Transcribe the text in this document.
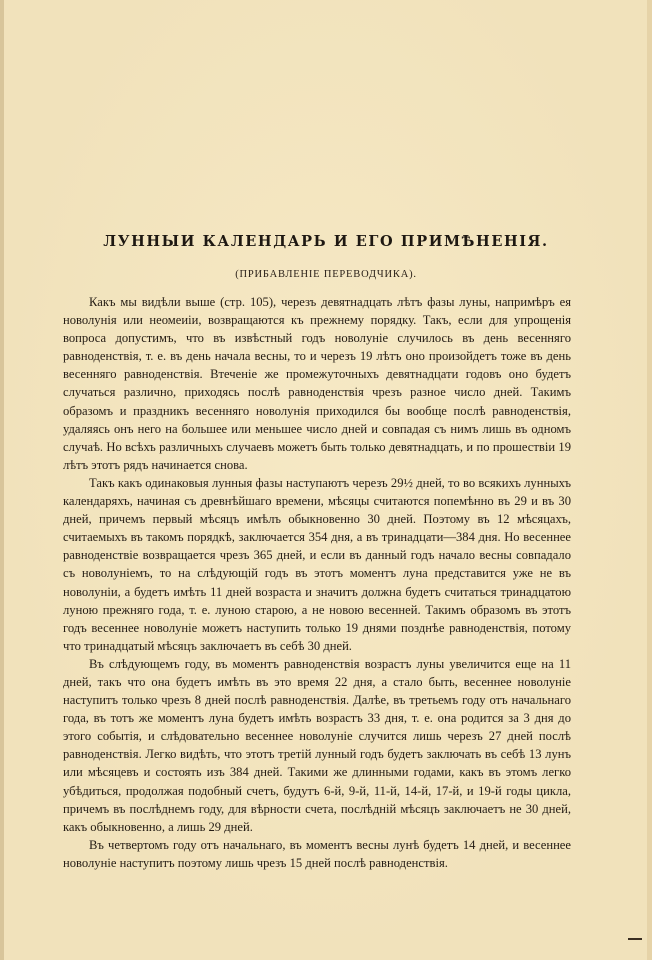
ЛУННЫИ КАЛЕНДАРЬ И ЕГО ПРИМѢНЕНІЯ.
(ПРИБАВЛЕНІЕ ПЕРЕВОДЧИКА).

Какъ мы видѣли выше (стр. 105), черезъ девятнадцать лѣтъ фазы луны, напримѣръ ея новолунія или неомеиіи, возвращаются къ прежнему порядку. Такъ, если для упрощенія вопроса допустимъ, что въ извѣстный годъ новолуніе случилось въ день весенняго равноденствія, т. е. въ день начала весны, то и черезъ 19 лѣтъ оно произойдетъ тоже въ день весенняго равноденствія. Втеченіе же промежуточныхъ девятнадцати годовъ оно будетъ случаться различно, приходясь послѣ равноденствія чрезъ разное число дней. Такимъ образомъ и праздникъ весенняго новолунія приходился бы вообще послѣ равноденствія, удаляясь онъ него на большее или меньшее число дней и совпадая съ нимъ лишь въ одномъ случаѣ. Но всѣхъ различныхъ случаевъ можетъ быть только девятнадцать, и по прошествіи 19 лѣтъ этотъ рядъ начинается снова.

Такъ какъ одинаковыя лунныя фазы наступаютъ черезъ 29½ дней, то во всякихъ лунныхъ календаряхъ, начиная съ древнѣйшаго времени, мѣсяцы считаются попемѣнно въ 29 и въ 30 дней, причемъ первый мѣсяцъ имѣлъ обыкновенно 30 дней. Поэтому въ 12 мѣсяцахъ, считаемыхъ въ такомъ порядкѣ, заключается 354 дня, а въ тринадцати—384 дня. Но весеннее равноденствіе возвращается чрезъ 365 дней, и если въ данный годъ начало весны совпадало съ новолуніемъ, то на слѣдующій годъ въ этотъ моментъ луна представится уже не въ новолуніи, а будетъ имѣть 11 дней возраста и значитъ должна будетъ считаться тринадцатою луною прежняго года, т. е. луною старою, а не новою весенней. Такимъ образомъ въ этотъ годъ весеннее новолуніе можетъ наступить только 19 днями позднѣе равноденствія, потому что тринадцатый мѣсяцъ заключаетъ въ себѣ 30 дней.

Въ слѣдующемъ году, въ моментъ равноденствія возрастъ луны увеличится еще на 11 дней, такъ что она будетъ имѣть въ это время 22 дня, а стало быть, весеннее новолуніе наступитъ только чрезъ 8 дней послѣ равноденствія. Далѣе, въ третьемъ году отъ начальнаго года, въ тотъ же моментъ луна будетъ имѣть возрастъ 33 дня, т. е. она родится за 3 дня до этого событія, и слѣдовательно весеннее новолуніе случится лишь черезъ 27 дней послѣ равноденствія. Легко видѣть, что этотъ третій лунный годъ будетъ заключать въ себѣ 13 лунъ или мѣсяцевъ и состоять изъ 384 дней. Такими же длинными годами, какъ въ этомъ легко убѣдиться, продолжая подобный счетъ, будутъ 6-й, 9-й, 11-й, 14-й, 17-й, и 19-й годы цикла, причемъ въ послѣднемъ году, для вѣрности счета, послѣдній мѣсяцъ заключаетъ не 30 дней, какъ обыкновенно, а лишь 29 дней.

Въ четвертомъ году отъ начальнаго, въ моментъ весны лунѣ будетъ 14 дней, и весеннее новолуніе наступитъ поэтому лишь чрезъ 15 дней послѣ равноденствія.
